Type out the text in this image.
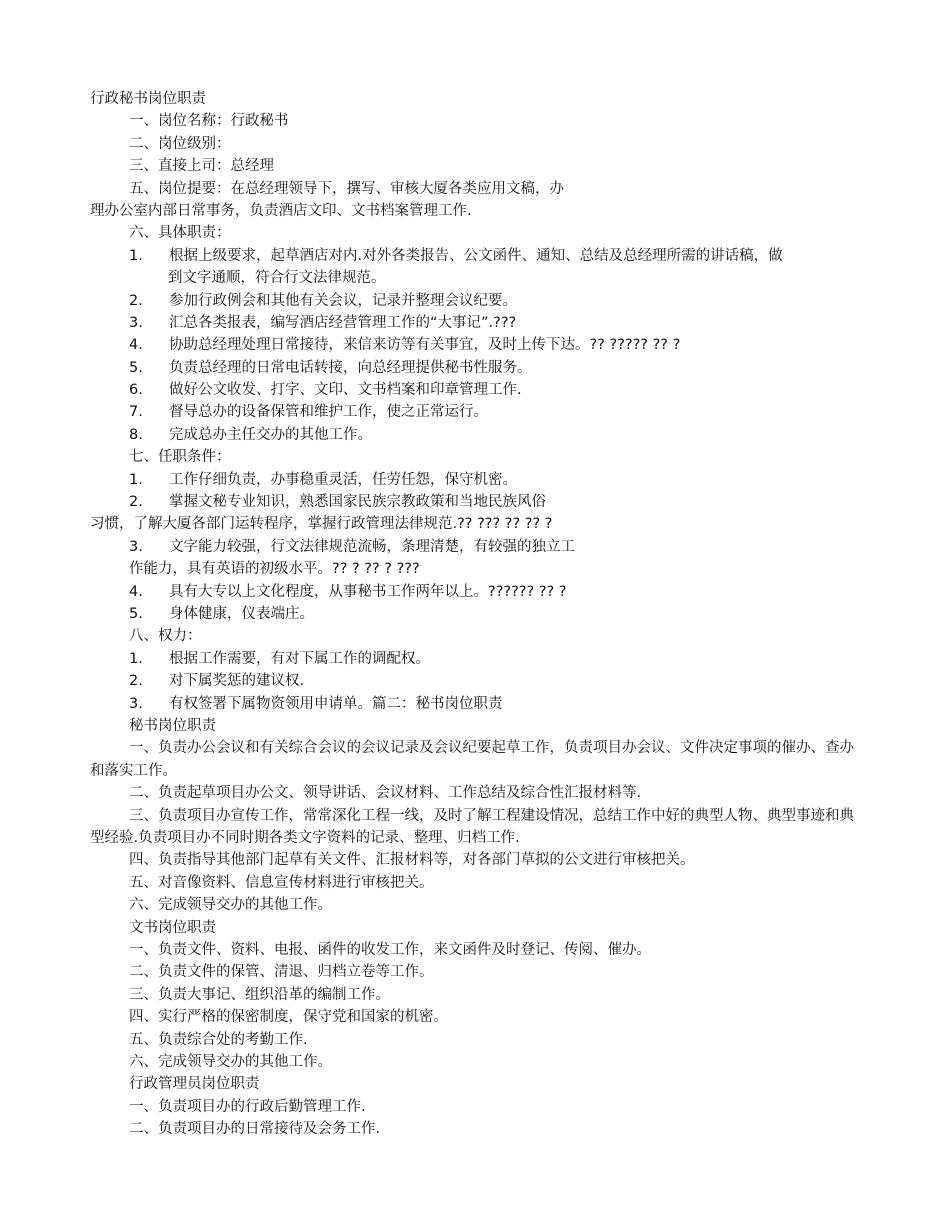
行政秘书岗位职责
一、岗位名称：行政秘书
二、岗位级别：
三、直接上司：总经理
五、岗位提要：在总经理领导下，撰写、审核大厦各类应用文稿，办
理办公室内部日常事务，负责酒店文印、文书档案管理工作.
六、具体职责：
1. 根据上级要求，起草酒店对内.对外各类报告、公文函件、通知、总结及总经理所需的讲话稿，做
到文字通顺，符合行文法律规范。
2. 参加行政例会和其他有关会议，记录并整理会议纪要。
3. 汇总各类报表，编写酒店经营管理工作的“大事记”.???
4. 协助总经理处理日常接待，来信来访等有关事宜，及时上传下达。?? ????? ?? ?
5. 负责总经理的日常电话转接，向总经理提供秘书性服务。
6. 做好公文收发、打字、文印、文书档案和印章管理工作.
7. 督导总办的设备保管和维护工作，使之正常运行。
8. 完成总办主任交办的其他工作。
七、任职条件：
1. 工作仔细负责，办事稳重灵活，任劳任怨，保守机密。
2. 掌握文秘专业知识，熟悉国家民族宗教政策和当地民族风俗
习惯，了解大厦各部门运转程序，掌握行政管理法律规范.?? ??? ?? ?? ?
3. 文字能力较强，行文法律规范流畅，条理清楚，有较强的独立工
作能力，具有英语的初级水平。?? ? ?? ? ???
4. 具有大专以上文化程度，从事秘书工作两年以上。?????? ?? ?
5. 身体健康，仪表端庄。
八、权力：
1. 根据工作需要，有对下属工作的调配权。
2. 对下属奖惩的建议权.
3. 有权签署下属物资领用申请单。篇二：秘书岗位职责
秘书岗位职责
一、负责办公会议和有关综合会议的会议记录及会议纪要起草工作，负责项目办会议、文件决定事项的催办、查办和落实工作。
二、负责起草项目办公文、领导讲话、会议材料、工作总结及综合性汇报材料等.
三、负责项目办宣传工作，常常深化工程一线，及时了解工程建设情况，总结工作中好的典型人物、典型事迹和典型经验.负责项目办不同时期各类文字资料的记录、整理、归档工作.
四、负责指导其他部门起草有关文件、汇报材料等，对各部门草拟的公文进行审核把关。
五、对音像资料、信息宣传材料进行审核把关。
六、完成领导交办的其他工作。
文书岗位职责
一、负责文件、资料、电报、函件的收发工作，来文函件及时登记、传阅、催办。
二、负责文件的保管、清退、归档立卷等工作。
三、负责大事记、组织沿革的编制工作。
四、实行严格的保密制度，保守党和国家的机密。
五、负责综合处的考勤工作.
六、完成领导交办的其他工作。
行政管理员岗位职责
一、负责项目办的行政后勤管理工作.
二、负责项目办的日常接待及会务工作.
